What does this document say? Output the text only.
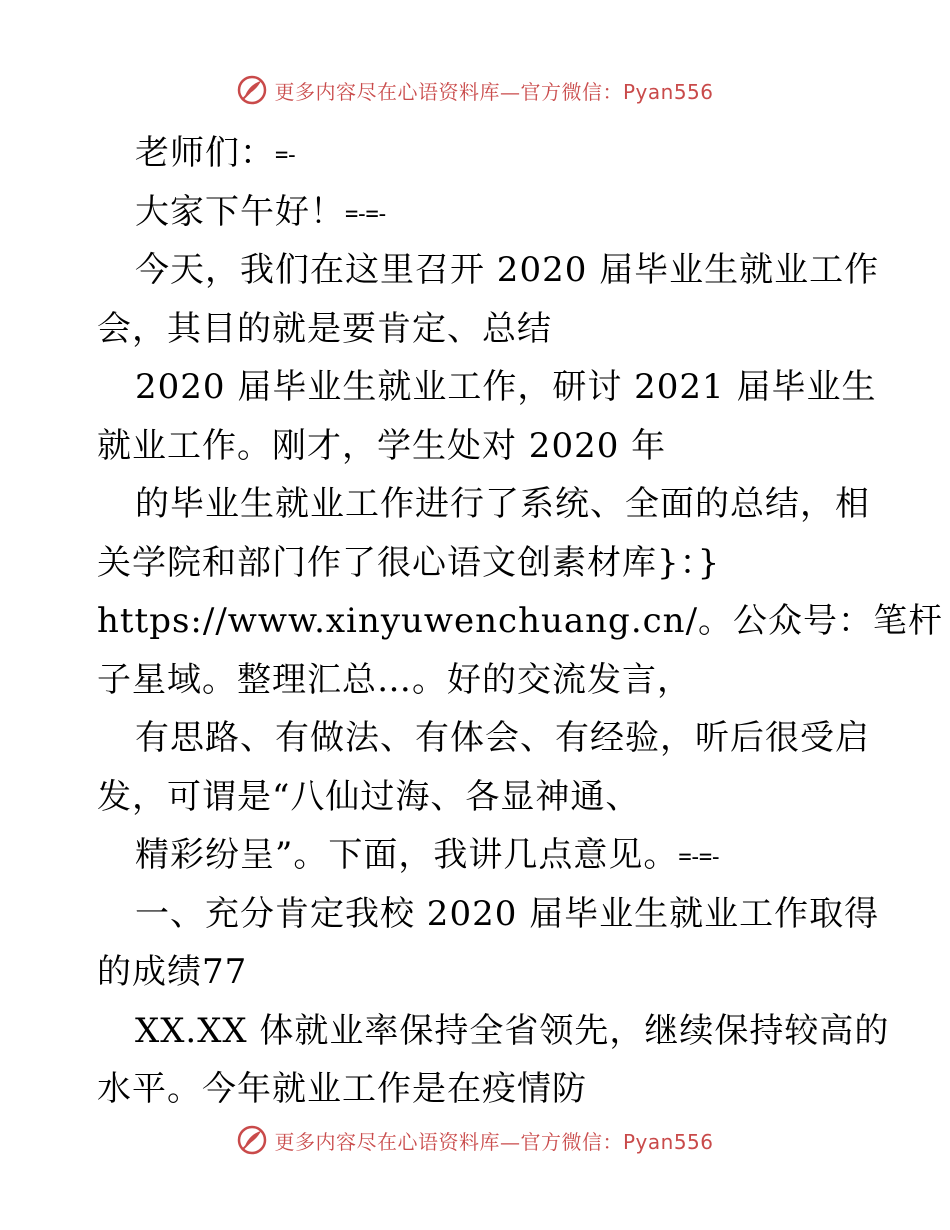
更多内容尽在心语资料库—官方微信：Pyan556
老师们：=-
大家下午好！=-=-
今天，我们在这里召开 2020 届毕业生就业工作
会，其目的就是要肯定、总结
2020 届毕业生就业工作，研讨 2021 届毕业生
就业工作。刚才，学生处对 2020 年
的毕业生就业工作进行了系统、全面的总结，相
关学院和部门作了很心语文创素材库}：}
https://www.xinyuwenchuang.cn/。公众号：笔杆
子星域。整理汇总…。好的交流发言，
有思路、有做法、有体会、有经验，听后很受启
发，可谓是“八仙过海、各显神通、
精彩纷呈”。下面，我讲几点意见。=-=-
一、充分肯定我校 2020 届毕业生就业工作取得
的成绩77
XX.XX 体就业率保持全省领先，继续保持较高的
水平。今年就业工作是在疫情防
更多内容尽在心语资料库—官方微信：Pyan556
